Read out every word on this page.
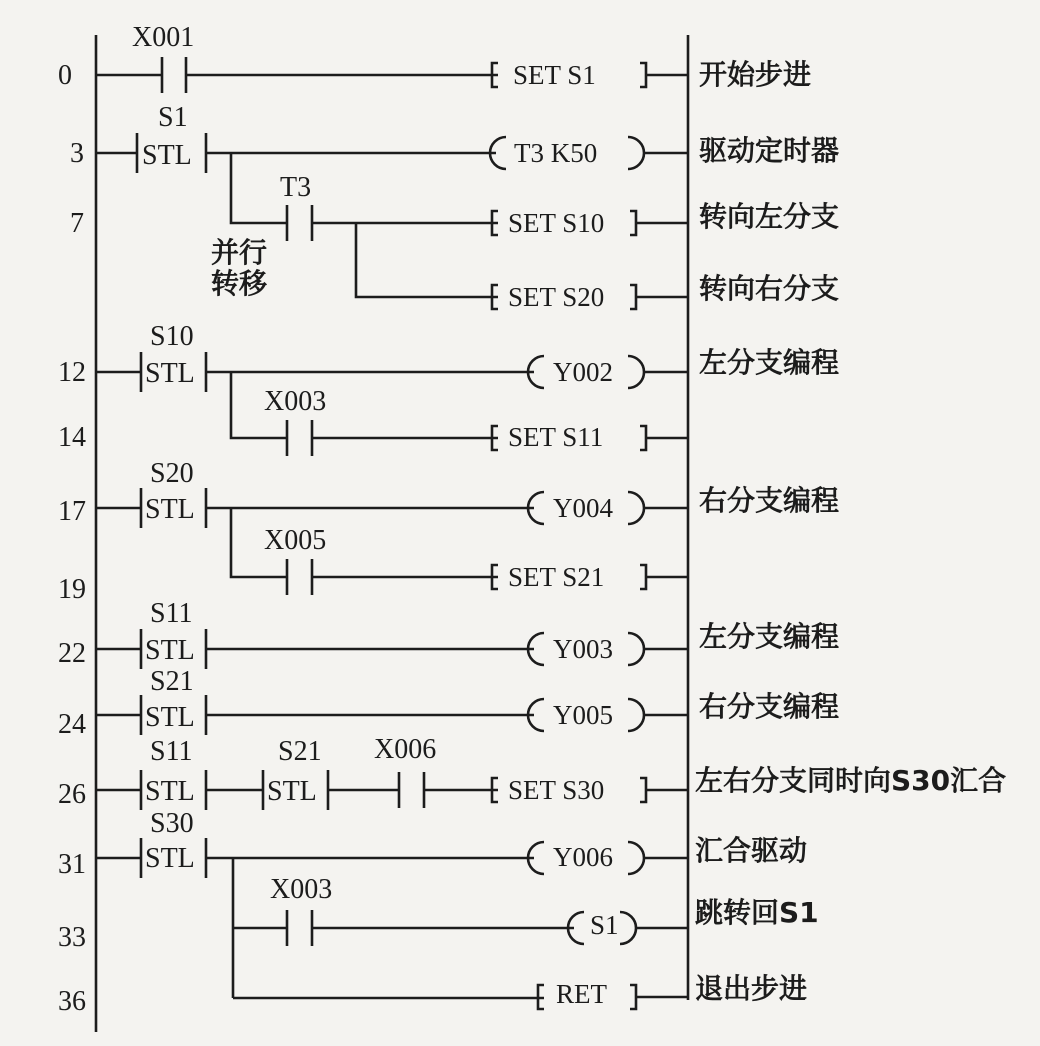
0
X001
SET S1	开始步进
3
S1
STL	T3 K50	驱动定时器
7
T3
SET S10	转向左分支
SET S20	转向右分支
并行
转移
12
S10
STL	Y002	左分支编程
14
X003
SET S11
17
S20
STL	Y004	右分支编程
19
X005
SET S21
22
S11
STL	Y003	左分支编程
24
S21
STL	Y005	右分支编程
26
S11
STL
S21
STL
X006
SET S30	左右分支同时向S30汇合
31
S30
STL	Y006	汇合驱动
33
X003
S1	跳转回S1
36	RET	退出步进
